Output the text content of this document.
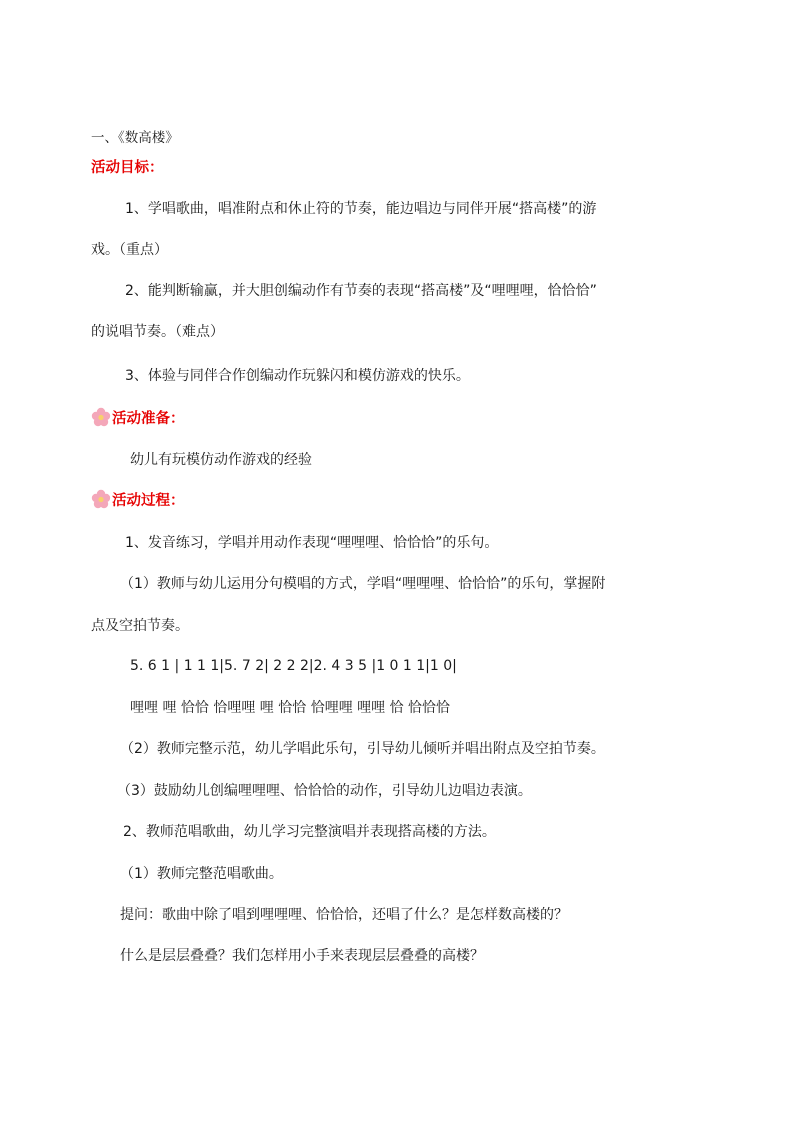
一、《数高楼》
活动目标：
1、学唱歌曲，唱准附点和休止符的节奏，能边唱边与同伴开展“搭高楼”的游
戏。（重点）
2、能判断输赢，并大胆创编动作有节奏的表现“搭高楼”及“哩哩哩，恰恰恰”
的说唱节奏。（难点）
3、体验与同伴合作创编动作玩躲闪和模仿游戏的快乐。
活动准备：
幼儿有玩模仿动作游戏的经验
活动过程：
1、发音练习，学唱并用动作表现“哩哩哩、恰恰恰”的乐句。
（1）教师与幼儿运用分句模唱的方式，学唱“哩哩哩、恰恰恰”的乐句，掌握附
点及空拍节奏。
5. 6 1 | 1 1 1|5. 7 2| 2 2 2|2. 4 3 5 |1 0 1 1|1 0|
哩哩 哩 恰恰 恰哩哩 哩 恰恰 恰哩哩 哩哩 恰 恰恰恰
（2）教师完整示范，幼儿学唱此乐句，引导幼儿倾听并唱出附点及空拍节奏。
（3）鼓励幼儿创编哩哩哩、恰恰恰的动作，引导幼儿边唱边表演。
2、教师范唱歌曲，幼儿学习完整演唱并表现搭高楼的方法。
（1）教师完整范唱歌曲。
提问：歌曲中除了唱到哩哩哩、恰恰恰，还唱了什么？是怎样数高楼的？
什么是层层叠叠？我们怎样用小手来表现层层叠叠的高楼？
